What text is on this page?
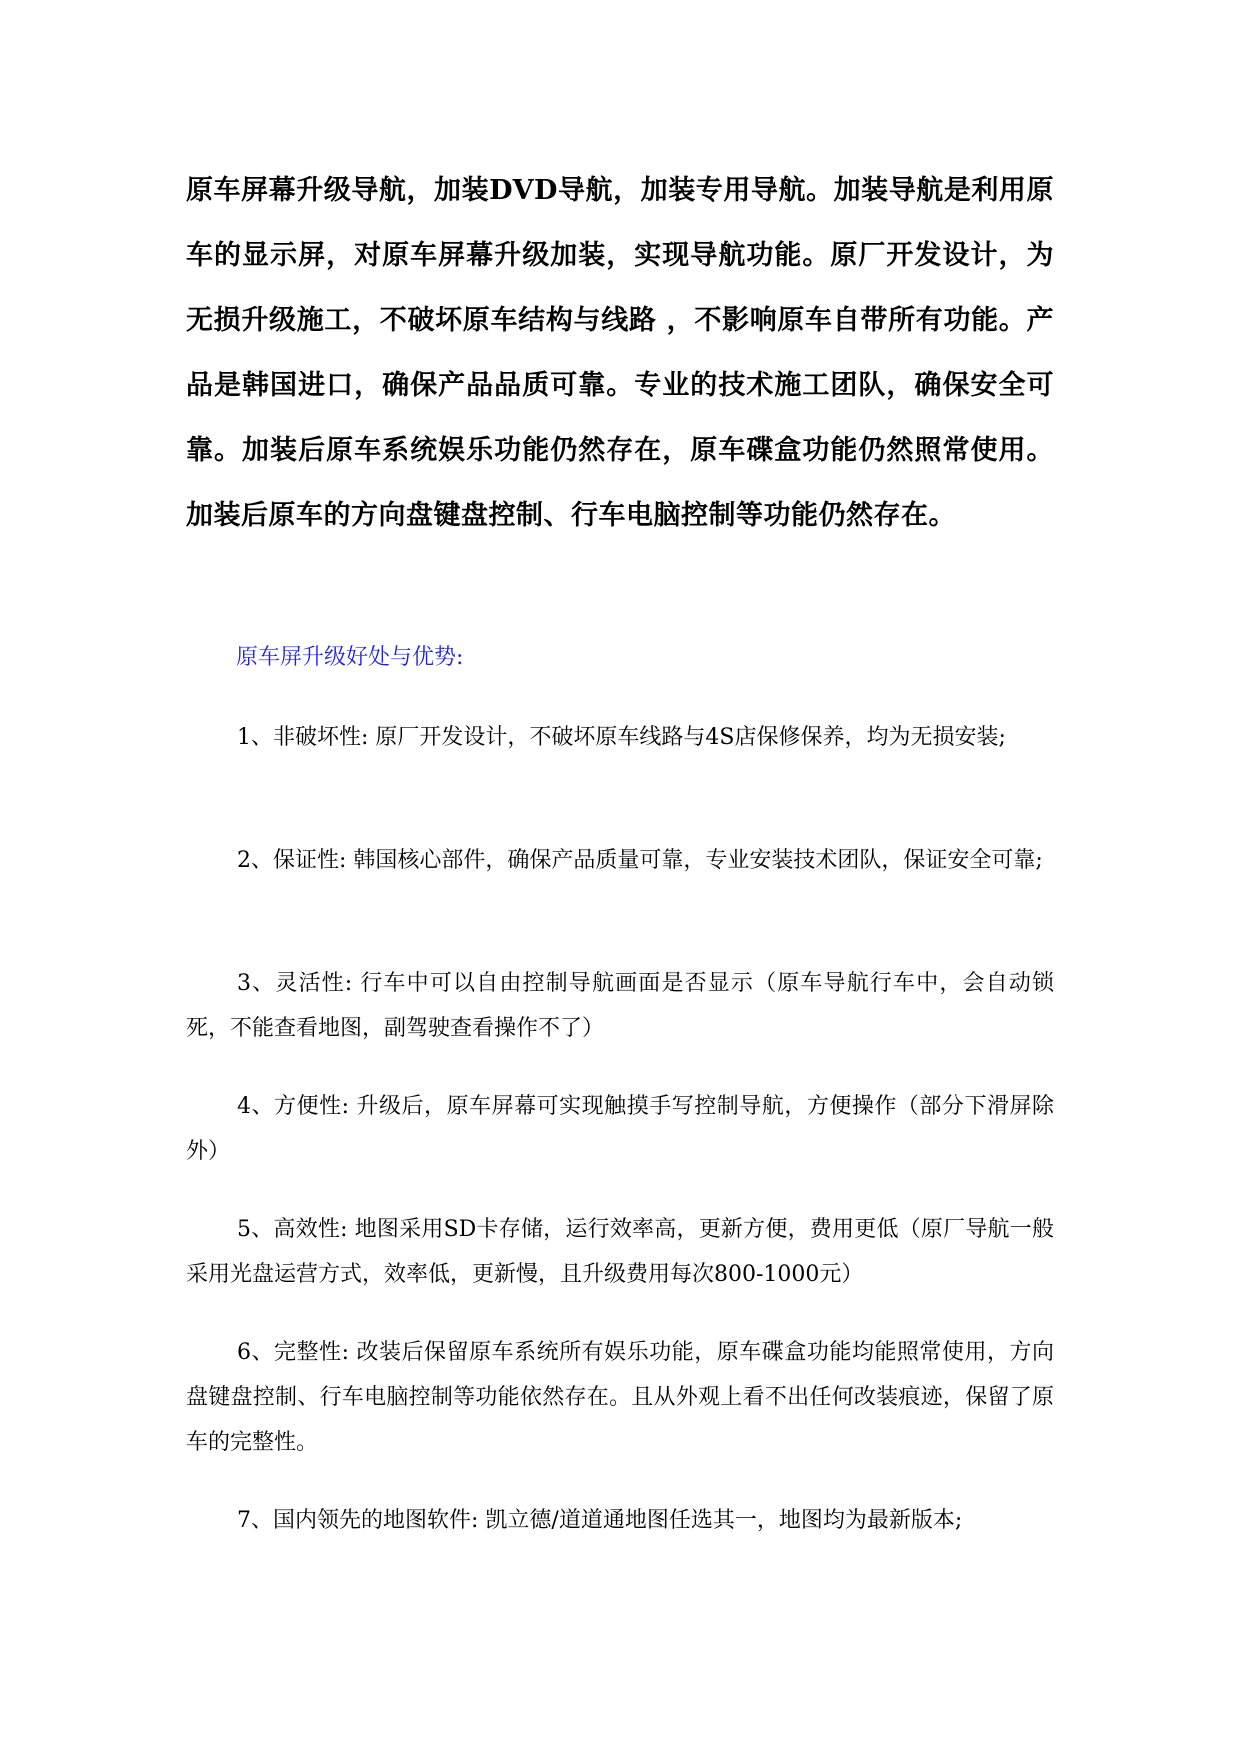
原车屏幕升级导航，加装DVD导航，加装专用导航。加装导航是利用原车的显示屏，对原车屏幕升级加装，实现导航功能。原厂开发设计，为无损升级施工，不破坏原车结构与线路 ，不影响原车自带所有功能。产品是韩国进口，确保产品品质可靠。专业的技术施工团队，确保安全可靠。加装后原车系统娱乐功能仍然存在，原车碟盒功能仍然照常使用。加装后原车的方向盘键盘控制、行车电脑控制等功能仍然存在。

原车屏升级好处与优势:

1、非破坏性: 原厂开发设计，不破坏原车线路与4S店保修保养，均为无损安装;

2、保证性: 韩国核心部件，确保产品质量可靠，专业安装技术团队，保证安全可靠;

3、灵活性: 行车中可以自由控制导航画面是否显示（原车导航行车中，会自动锁死，不能查看地图，副驾驶查看操作不了）

4、方便性: 升级后，原车屏幕可实现触摸手写控制导航，方便操作（部分下滑屏除外）

5、高效性: 地图采用SD卡存储，运行效率高，更新方便，费用更低（原厂导航一般采用光盘运营方式，效率低，更新慢，且升级费用每次800-1000元）

6、完整性: 改装后保留原车系统所有娱乐功能，原车碟盒功能均能照常使用，方向盘键盘控制、行车电脑控制等功能依然存在。且从外观上看不出任何改装痕迹，保留了原车的完整性。

7、国内领先的地图软件: 凯立德/道道通地图任选其一，地图均为最新版本;
